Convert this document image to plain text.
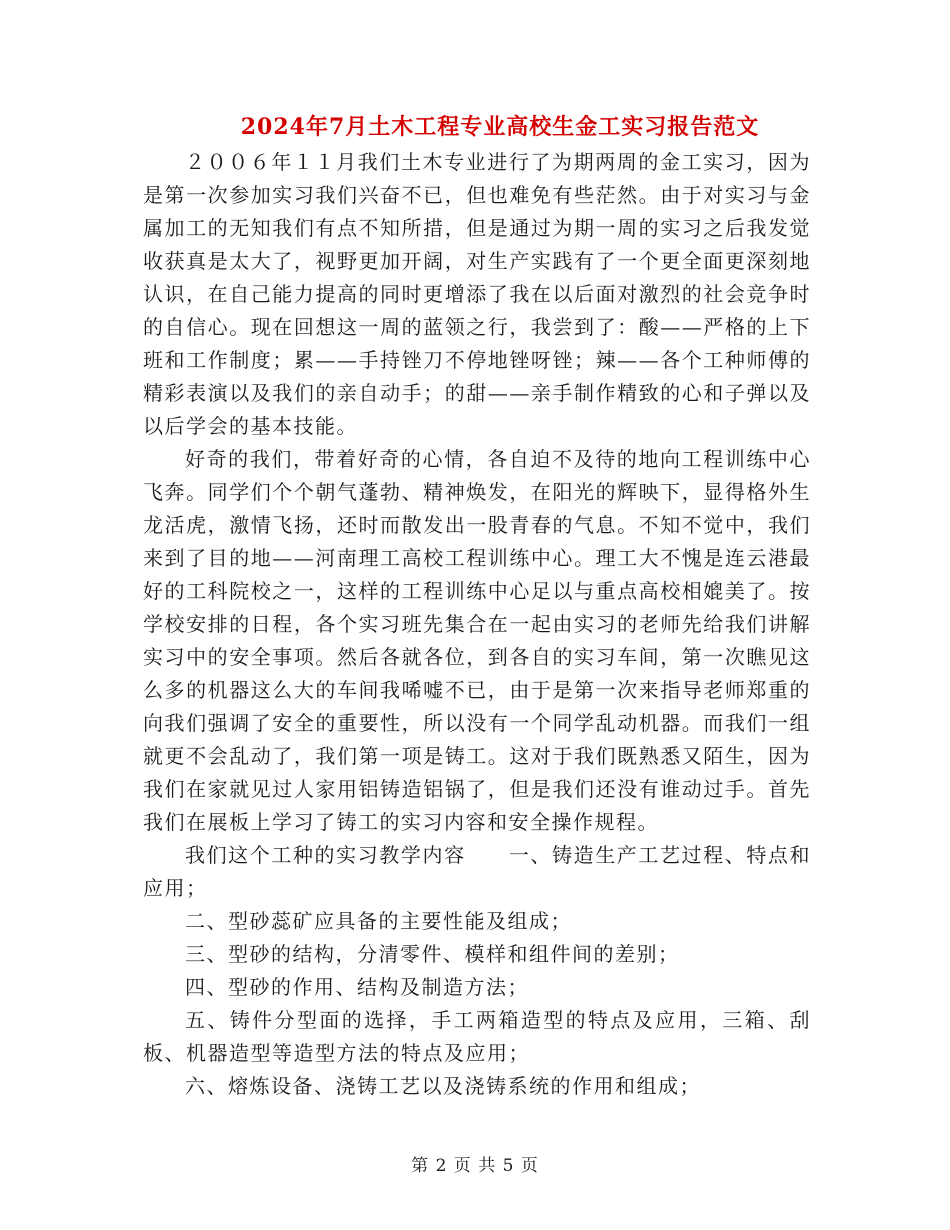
2024年7月土木工程专业高校生金工实习报告范文

２００６年１１月我们土木专业进行了为期两周的金工实习，因为是第一次参加实习我们兴奋不已，但也难免有些茫然。由于对实习与金属加工的无知我们有点不知所措，但是通过为期一周的实习之后我发觉收获真是太大了，视野更加开阔，对生产实践有了一个更全面更深刻地认识，在自己能力提高的同时更增添了我在以后面对激烈的社会竞争时的自信心。现在回想这一周的蓝领之行，我尝到了：酸——严格的上下班和工作制度；累——手持锉刀不停地锉呀锉；辣——各个工种师傅的精彩表演以及我们的亲自动手；的甜——亲手制作精致的心和子弹以及以后学会的基本技能。

好奇的我们，带着好奇的心情，各自迫不及待的地向工程训练中心飞奔。同学们个个朝气蓬勃、精神焕发，在阳光的辉映下，显得格外生龙活虎，激情飞扬，还时而散发出一股青春的气息。不知不觉中，我们来到了目的地——河南理工高校工程训练中心。理工大不愧是连云港最好的工科院校之一，这样的工程训练中心足以与重点高校相媲美了。按学校安排的日程，各个实习班先集合在一起由实习的老师先给我们讲解实习中的安全事项。然后各就各位，到各自的实习车间，第一次瞧见这么多的机器这么大的车间我唏嘘不已，由于是第一次来指导老师郑重的向我们强调了安全的重要性，所以没有一个同学乱动机器。而我们一组就更不会乱动了，我们第一项是铸工。这对于我们既熟悉又陌生，因为我们在家就见过人家用铝铸造铝锅了，但是我们还没有谁动过手。首先我们在展板上学习了铸工的实习内容和安全操作规程。

我们这个工种的实习教学内容　　一、铸造生产工艺过程、特点和应用；

二、型砂蕊矿应具备的主要性能及组成；

三、型砂的结构，分清零件、模样和组件间的差别；

四、型砂的作用、结构及制造方法；

五、铸件分型面的选择，手工两箱造型的特点及应用，三箱、刮板、机器造型等造型方法的特点及应用；

六、熔炼设备、浇铸工艺以及浇铸系统的作用和组成；

第 2 页 共 5 页
